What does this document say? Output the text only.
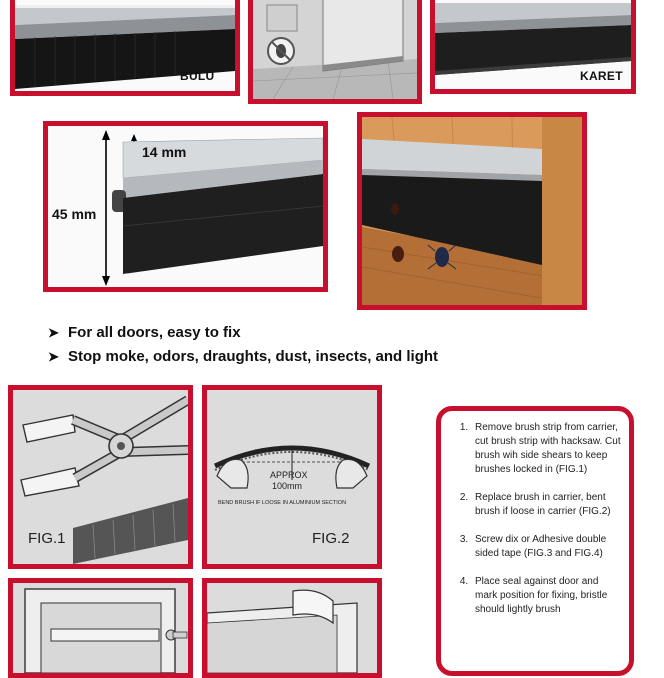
BULU	KARET
45 mm
14 mm
➤ For all doors, easy to fix
➤ Stop moke, odors, draughts, dust, insects, and light
FIG.1
APPROX
100mm
BEND BRUSH IF LOOSE IN ALUMINIUM SECTION
FIG.2
1. Remove brush strip from carrier, cut brush strip with hacksaw. Cut brush wih side shears to keep brushes locked in (FIG.1)
2. Replace brush in carrier, bent brush if loose in carrier (FIG.2)
3. Screw dix or Adhesive double sided tape (FIG.3 and FIG.4)
4. Place seal against door and mark position for fixing, bristle should lightly brush
